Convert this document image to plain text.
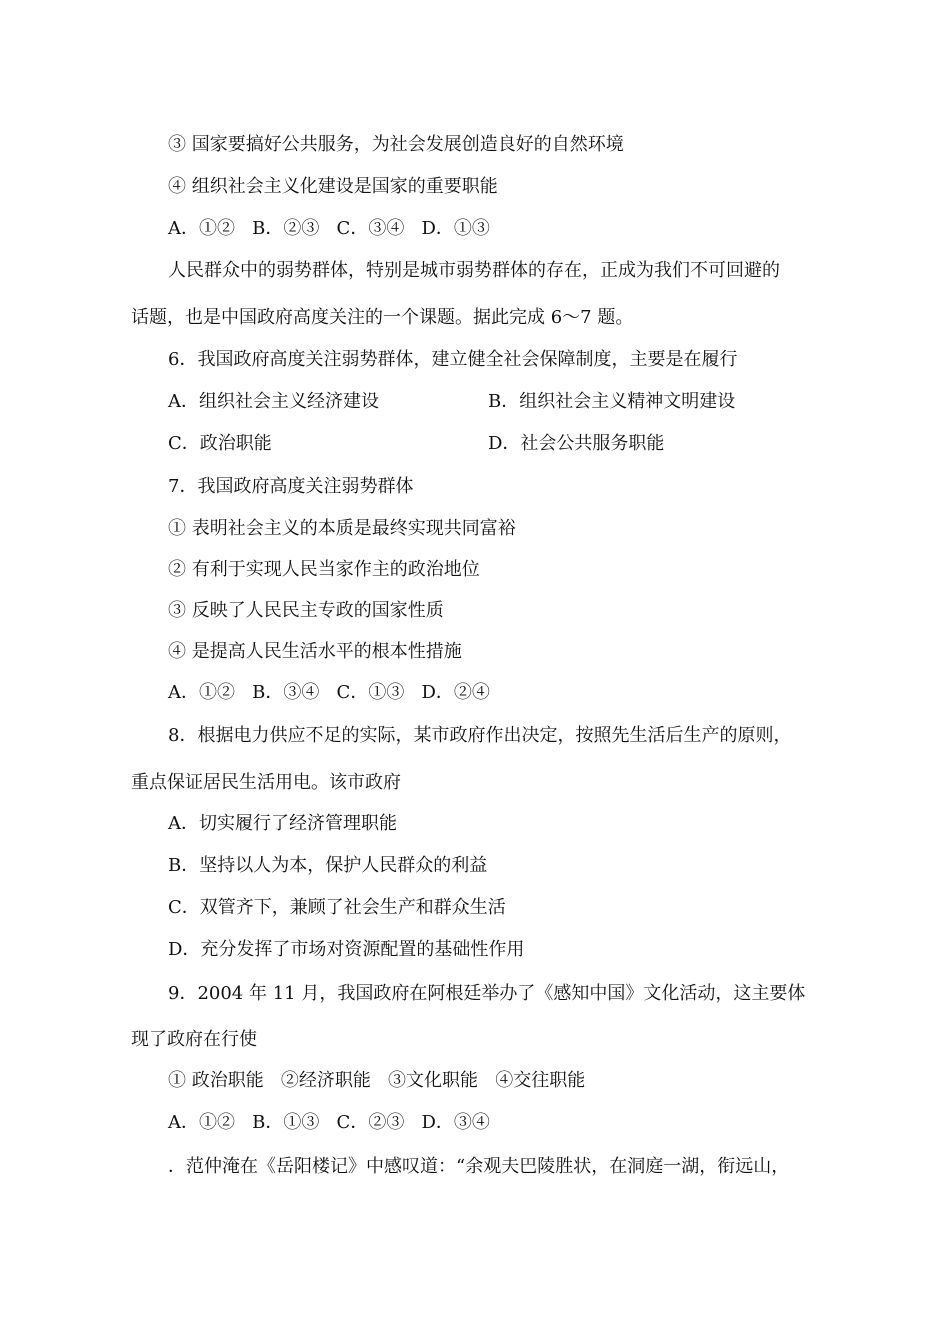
③ 国家要搞好公共服务，为社会发展创造良好的自然环境
④ 组织社会主义化建设是国家的重要职能
A．①②   B．②③   C．③④   D．①③
人民群众中的弱势群体，特别是城市弱势群体的存在，正成为我们不可回避的
话题，也是中国政府高度关注的一个课题。据此完成 6～7 题。
6．我国政府高度关注弱势群体，建立健全社会保障制度，主要是在履行
A．组织社会主义经济建设	B．组织社会主义精神文明建设
C．政治职能	D．社会公共服务职能
7．我国政府高度关注弱势群体
① 表明社会主义的本质是最终实现共同富裕
② 有利于实现人民当家作主的政治地位
③ 反映了人民民主专政的国家性质
④ 是提高人民生活水平的根本性措施
A．①②   B．③④   C．①③   D．②④
8．根据电力供应不足的实际，某市政府作出决定，按照先生活后生产的原则，
重点保证居民生活用电。该市政府
A．切实履行了经济管理职能
B．坚持以人为本，保护人民群众的利益
C．双管齐下，兼顾了社会生产和群众生活
D．充分发挥了市场对资源配置的基础性作用
9．2004 年 11 月，我国政府在阿根廷举办了《感知中国》文化活动，这主要体
现了政府在行使
① 政治职能   ②经济职能   ③文化职能   ④交往职能
A．①②   B．①③   C．②③   D．③④
．范仲淹在《岳阳楼记》中感叹道：“余观夫巴陵胜状，在洞庭一湖，衔远山，
